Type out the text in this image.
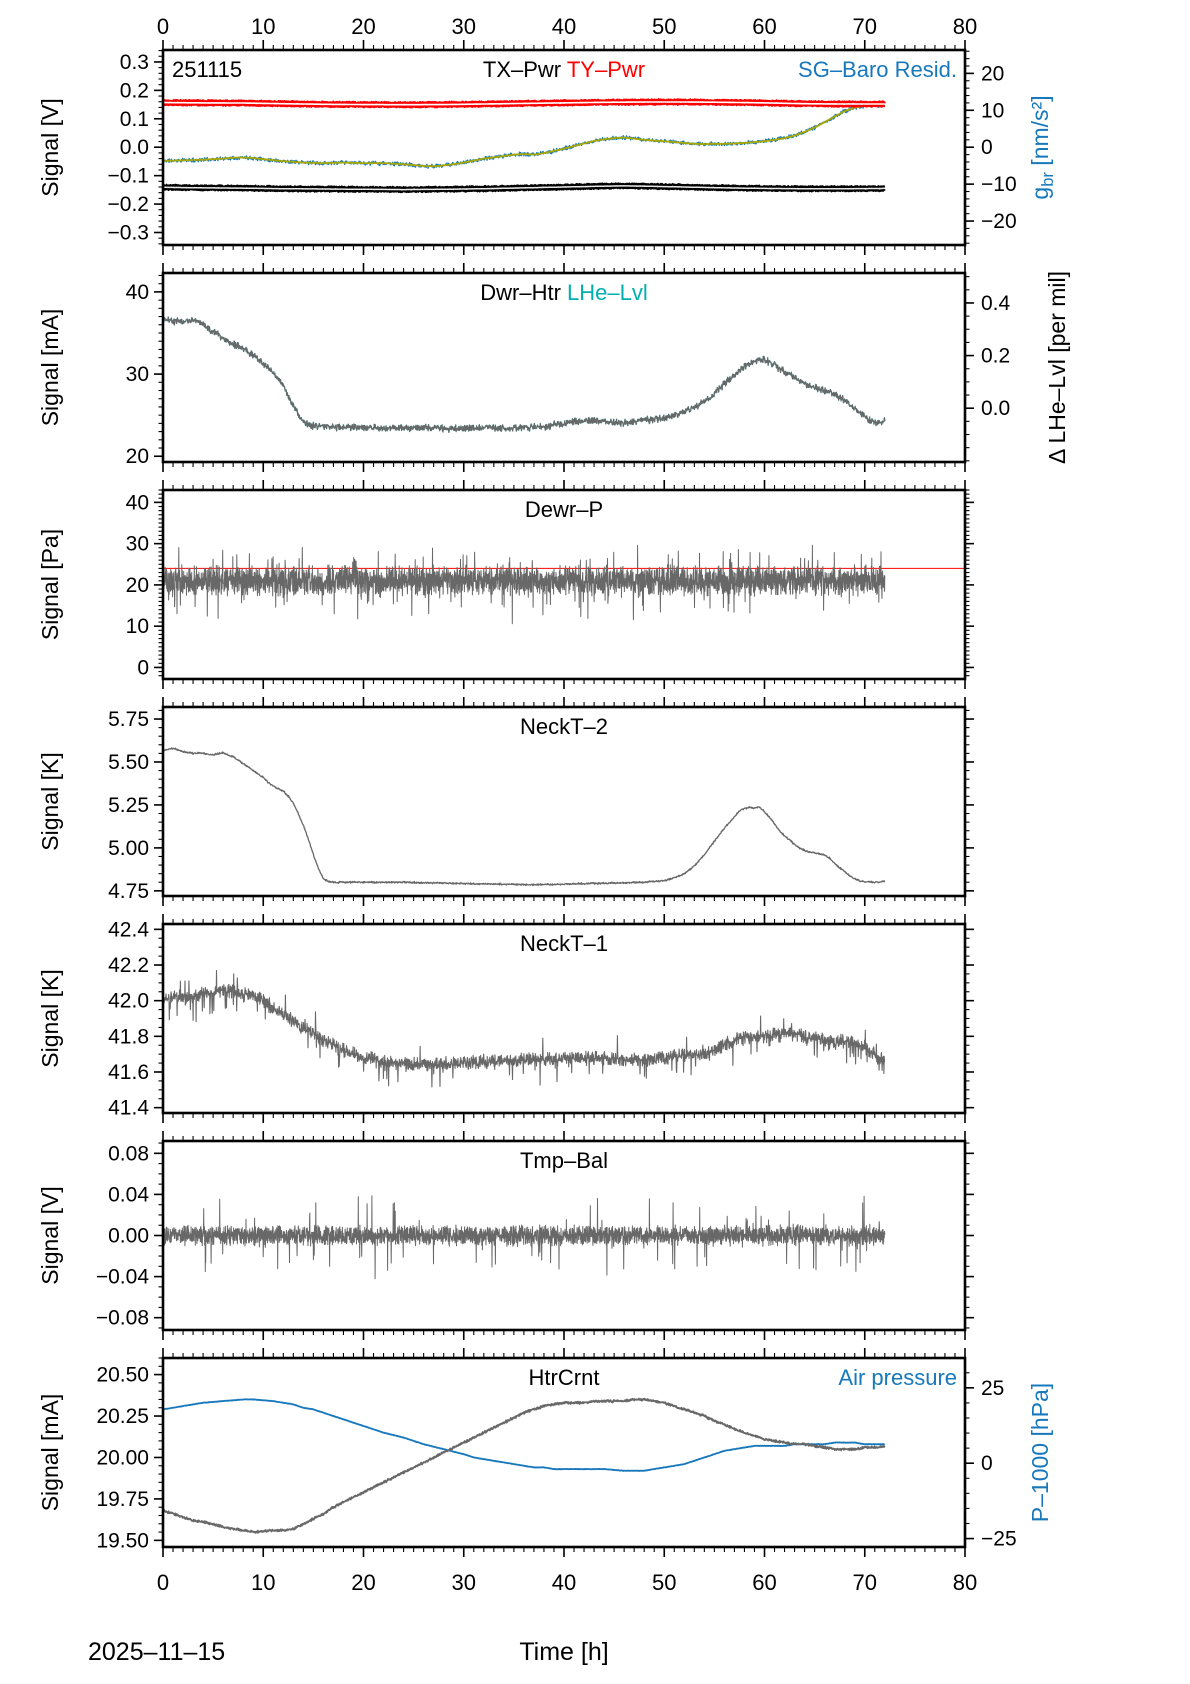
0	10	20	30	40	50	60	70	80
0	10	20	30	40	50	60	70	80
20
10
0
−10
−20
$g_{br}$ [nm/s²]
0.3
0.2
0.1
0.0
−0.1
−0.2
−0.3
Signal [V]
251115	TX–Pwr TY–Pwr	SG–Baro Resid.
0.4
0.2
0.0 Δ LHe–Lvl [per mil]
40
30
20
Signal [mA]
Dwr–Htr LHe–Lvl
40
30
20
10
0
Signal [Pa]
Dewr–P
5.75
5.50
5.25
5.00
4.75
Signal [K]
NeckT–2
42.4
42.2
42.0
41.8
41.6
41.4
Signal [K]
NeckT–1
0.08
0.04
0.00
−0.04
−0.08
Signal [V]
Tmp–Bal
25
0
−25
P–1000 [hPa]
20.50
20.25
20.00
19.75
19.50
Signal [mA]
HtrCrnt	Air pressure
Time [h]
2025–11–15
